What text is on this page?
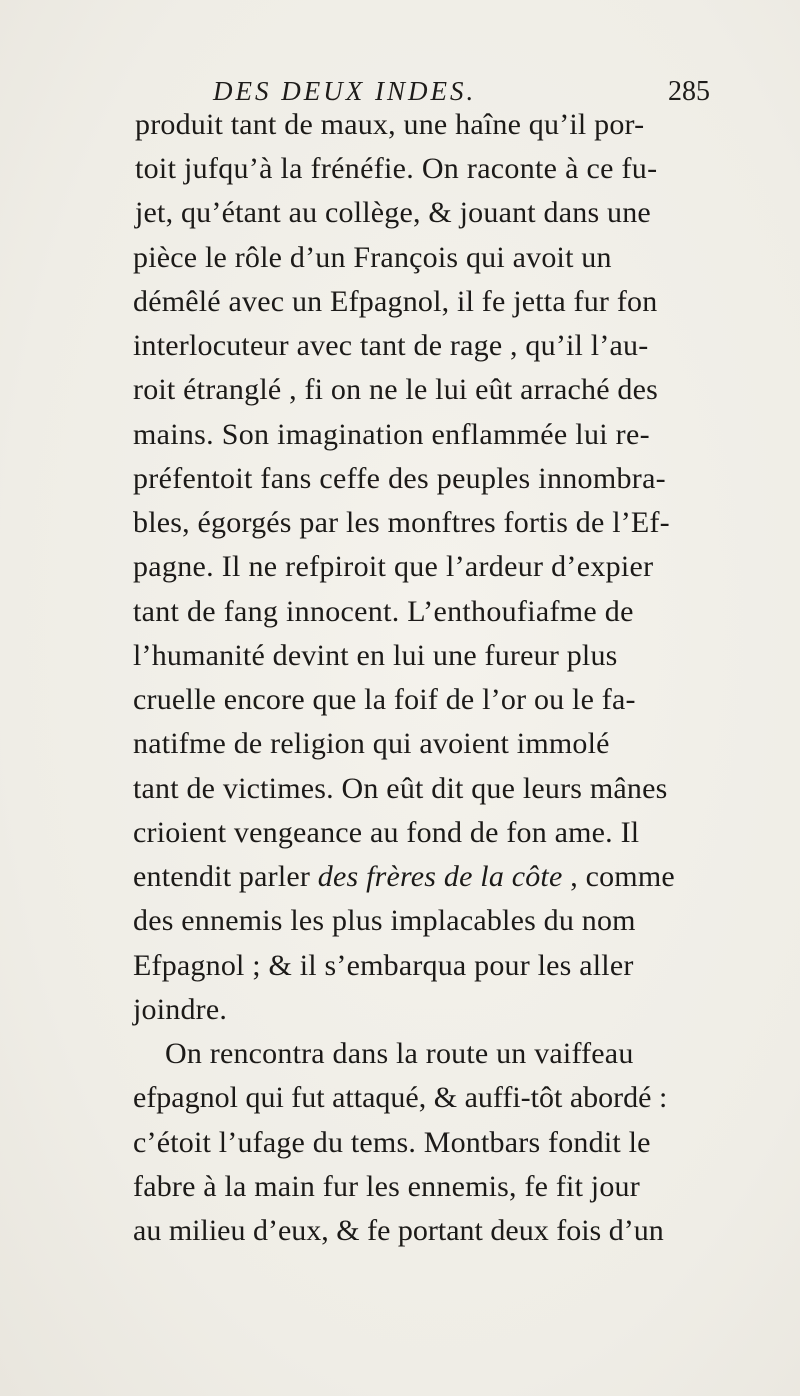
DES DEUX INDES.	285
produit tant de maux, une haîne qu’il por-
toit jufqu’à la frénéfie. On raconte à ce fu-
jet, qu’étant au collège, & jouant dans une
pièce le rôle d’un François qui avoit un
démêlé avec un Efpagnol, il fe jetta fur fon
interlocuteur avec tant de rage , qu’il l’au-
roit étranglé , fi on ne le lui eût arraché des
mains. Son imagination enflammée lui re-
préfentoit fans ceffe des peuples innombra-
bles, égorgés par les monftres fortis de l’Ef-
pagne. Il ne refpiroit que l’ardeur d’expier
tant de fang innocent. L’enthoufiafme de
l’humanité devint en lui une fureur plus
cruelle encore que la foif de l’or ou le fa-
natifme de religion qui avoient immolé
tant de victimes. On eût dit que leurs mânes
crioient vengeance au fond de fon ame. Il
entendit parler des frères de la côte , comme
des ennemis les plus implacables du nom
Efpagnol ; & il s’embarqua pour les aller
joindre.
On rencontra dans la route un vaiffeau
efpagnol qui fut attaqué, & auffi-tôt abordé :
c’étoit l’ufage du tems. Montbars fondit le
fabre à la main fur les ennemis, fe fit jour
au milieu d’eux, & fe portant deux fois d’un
